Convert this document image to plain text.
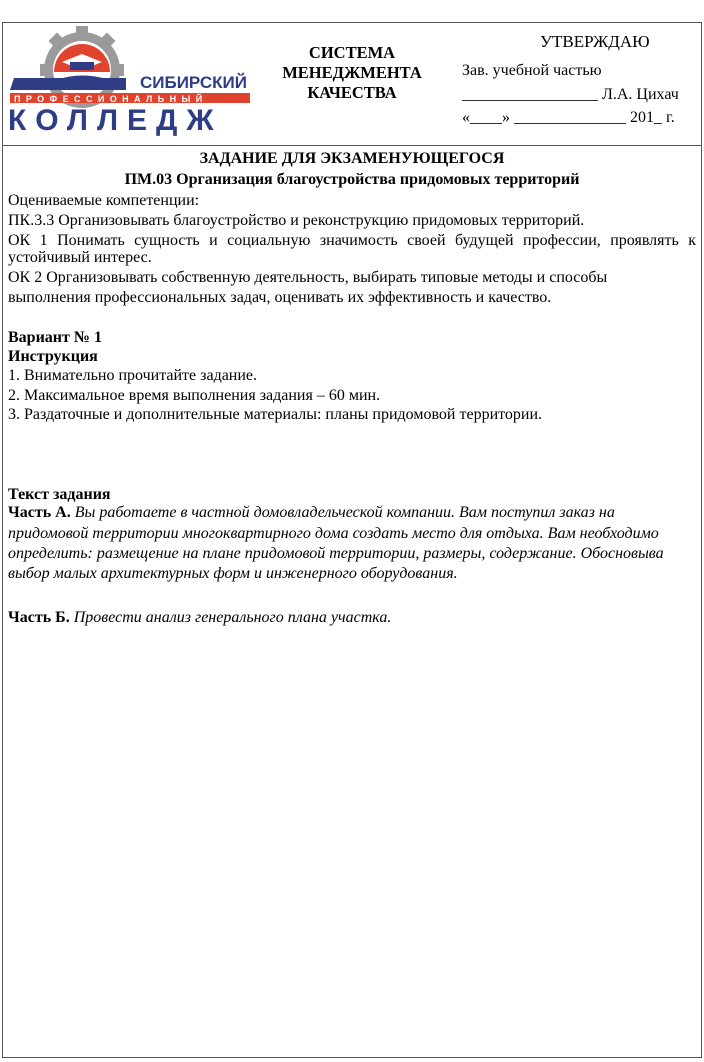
СИБИРСКИЙ
ПРОФЕССИОНАЛЬНЫЙ
КОЛЛЕДЖ
СИСТЕМА
МЕНЕДЖМЕНТА
КАЧЕСТВА
УТВЕРЖДАЮ
Зав. учебной частью
_________________ Л.А. Цихач
«____» ______________ 201_ г.
ЗАДАНИЕ ДЛЯ ЭКЗАМЕНУЮЩЕГОСЯ
ПМ.03 Организация благоустройства придомовых территорий
Оцениваемые компетенции:
ПК.3.3 Организовывать благоустройство и реконструкцию придомовых территорий.
ОК 1 Понимать сущность и социальную значимость своей будущей профессии, проявлять к
устойчивый интерес.
ОК 2 Организовывать собственную деятельность, выбирать типовые методы и способы
выполнения профессиональных задач, оценивать их эффективность и качество.
Вариант № 1
Инструкция
1. Внимательно прочитайте задание.
2. Максимальное время выполнения задания – 60 мин.
3. Раздаточные и дополнительные материалы: планы придомовой территории.
Текст задания
Часть А. Вы работаете в частной домовладельческой компании. Вам поступил заказ на
придомовой территории многоквартирного дома создать место для отдыха. Вам необходимо
определить: размещение на плане придомовой территории, размеры, содержание. Обосновыва
выбор малых архитектурных форм и инженерного оборудования.
Часть Б. Провести анализ генерального плана участка.
